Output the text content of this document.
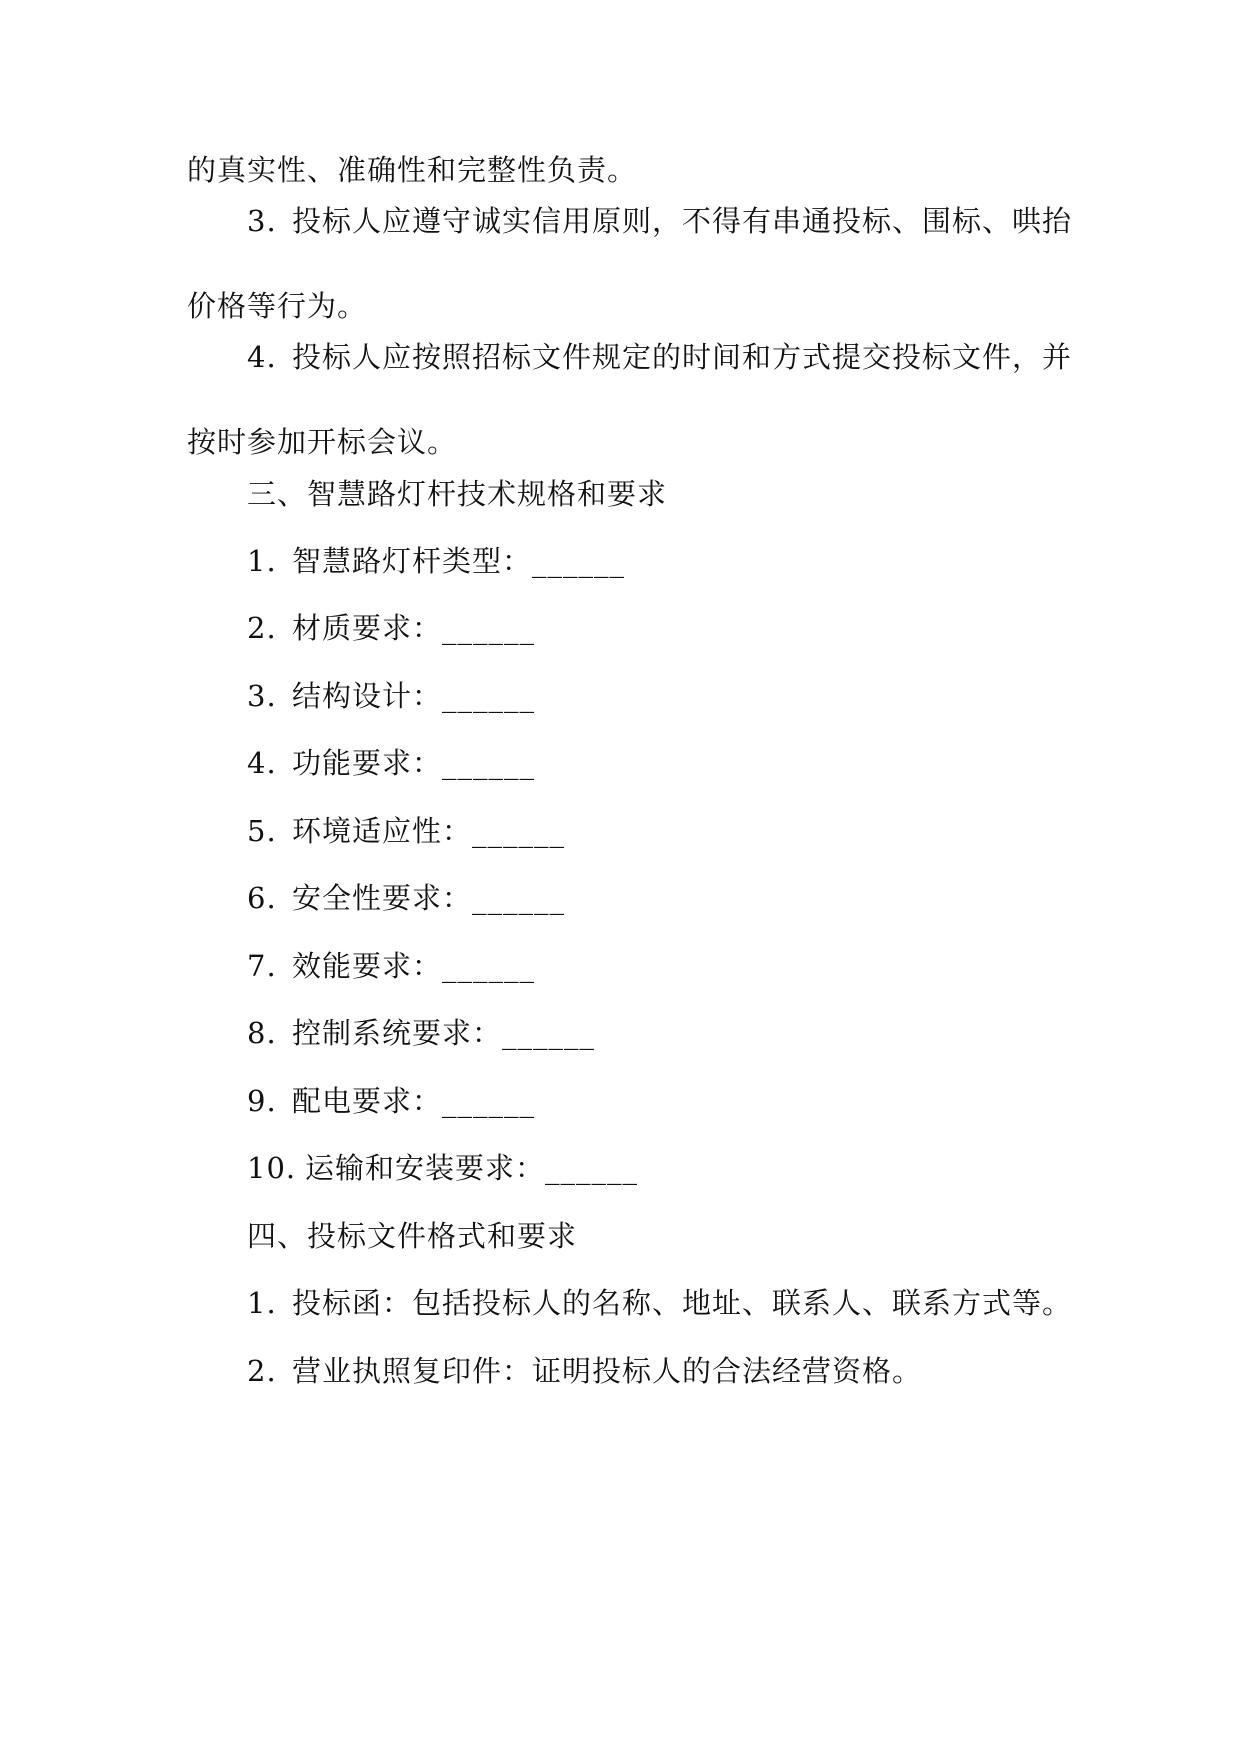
的真实性、准确性和完整性负责。
3. 投标人应遵守诚实信用原则，不得有串通投标、围标、哄抬
价格等行为。
4. 投标人应按照招标文件规定的时间和方式提交投标文件，并
按时参加开标会议。
三、智慧路灯杆技术规格和要求
1. 智慧路灯杆类型：______
2. 材质要求：______
3. 结构设计：______
4. 功能要求：______
5. 环境适应性：______
6. 安全性要求：______
7. 效能要求：______
8. 控制系统要求：______
9. 配电要求：______
10. 运输和安装要求：______
四、投标文件格式和要求
1. 投标函：包括投标人的名称、地址、联系人、联系方式等。
2. 营业执照复印件：证明投标人的合法经营资格。
